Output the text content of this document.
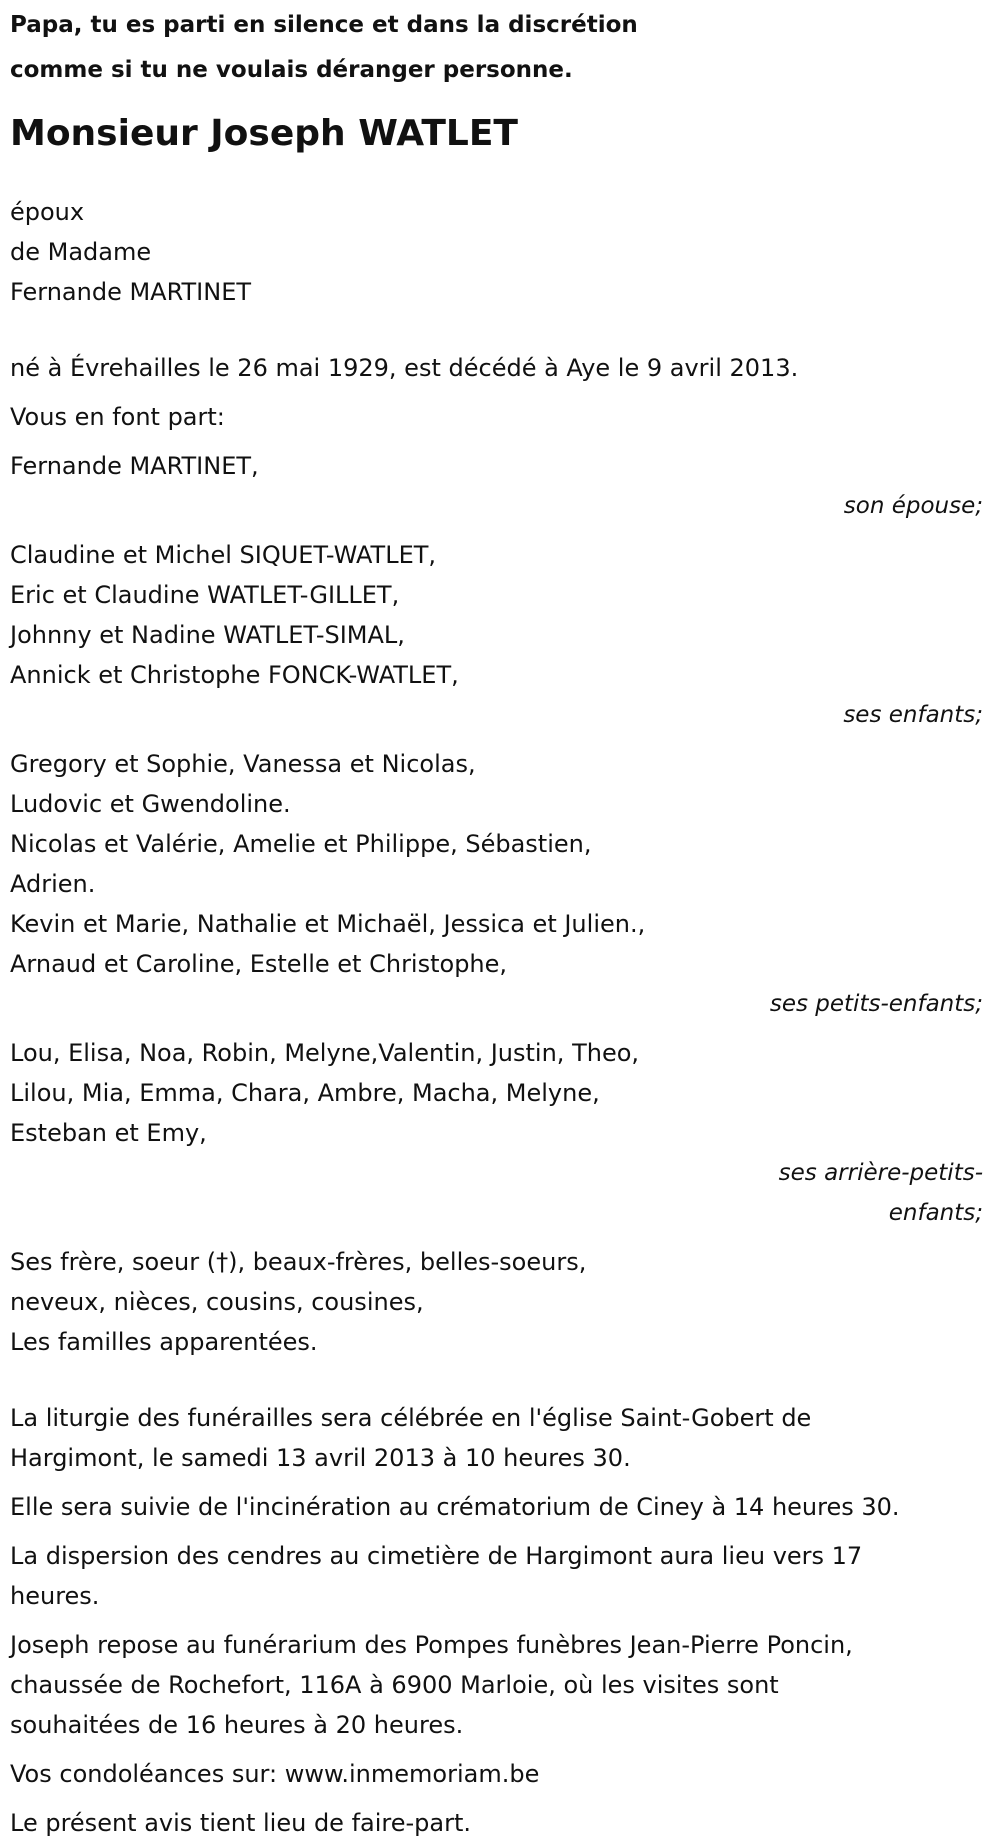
Papa, tu es parti en silence et dans la discrétion

comme si tu ne voulais déranger personne.

Monsieur Joseph WATLET

époux

de Madame

Fernande MARTINET

né à Évrehailles le 26 mai 1929, est décédé à Aye le 9 avril 2013.

Vous en font part:

Fernande MARTINET,

son épouse;

Claudine et Michel SIQUET-WATLET,

Eric et Claudine WATLET-GILLET,

Johnny et Nadine WATLET-SIMAL,

Annick et Christophe FONCK-WATLET,

ses enfants;

Gregory et Sophie, Vanessa et Nicolas,

Ludovic et Gwendoline.

Nicolas et Valérie, Amelie et Philippe, Sébastien,

Adrien.

Kevin et Marie, Nathalie et Michaël, Jessica et Julien.,

Arnaud et Caroline, Estelle et Christophe,

ses petits-enfants;

Lou, Elisa, Noa, Robin, Melyne,Valentin, Justin, Theo,

Lilou, Mia, Emma, Chara, Ambre, Macha, Melyne,

Esteban et Emy,

ses arrière-petits-

enfants;

Ses frère, soeur (†), beaux-frères, belles-soeurs,

neveux, nièces, cousins, cousines,

Les familles apparentées.

La liturgie des funérailles sera célébrée en l'église Saint-Gobert de

Hargimont, le samedi 13 avril 2013 à 10 heures 30.

Elle sera suivie de l'incinération au crématorium de Ciney à 14 heures 30.

La dispersion des cendres au cimetière de Hargimont aura lieu vers 17

heures.

Joseph repose au funérarium des Pompes funèbres Jean-Pierre Poncin,

chaussée de Rochefort, 116A à 6900 Marloie, où les visites sont

souhaitées de 16 heures à 20 heures.

Vos condoléances sur: www.inmemoriam.be

Le présent avis tient lieu de faire-part.
